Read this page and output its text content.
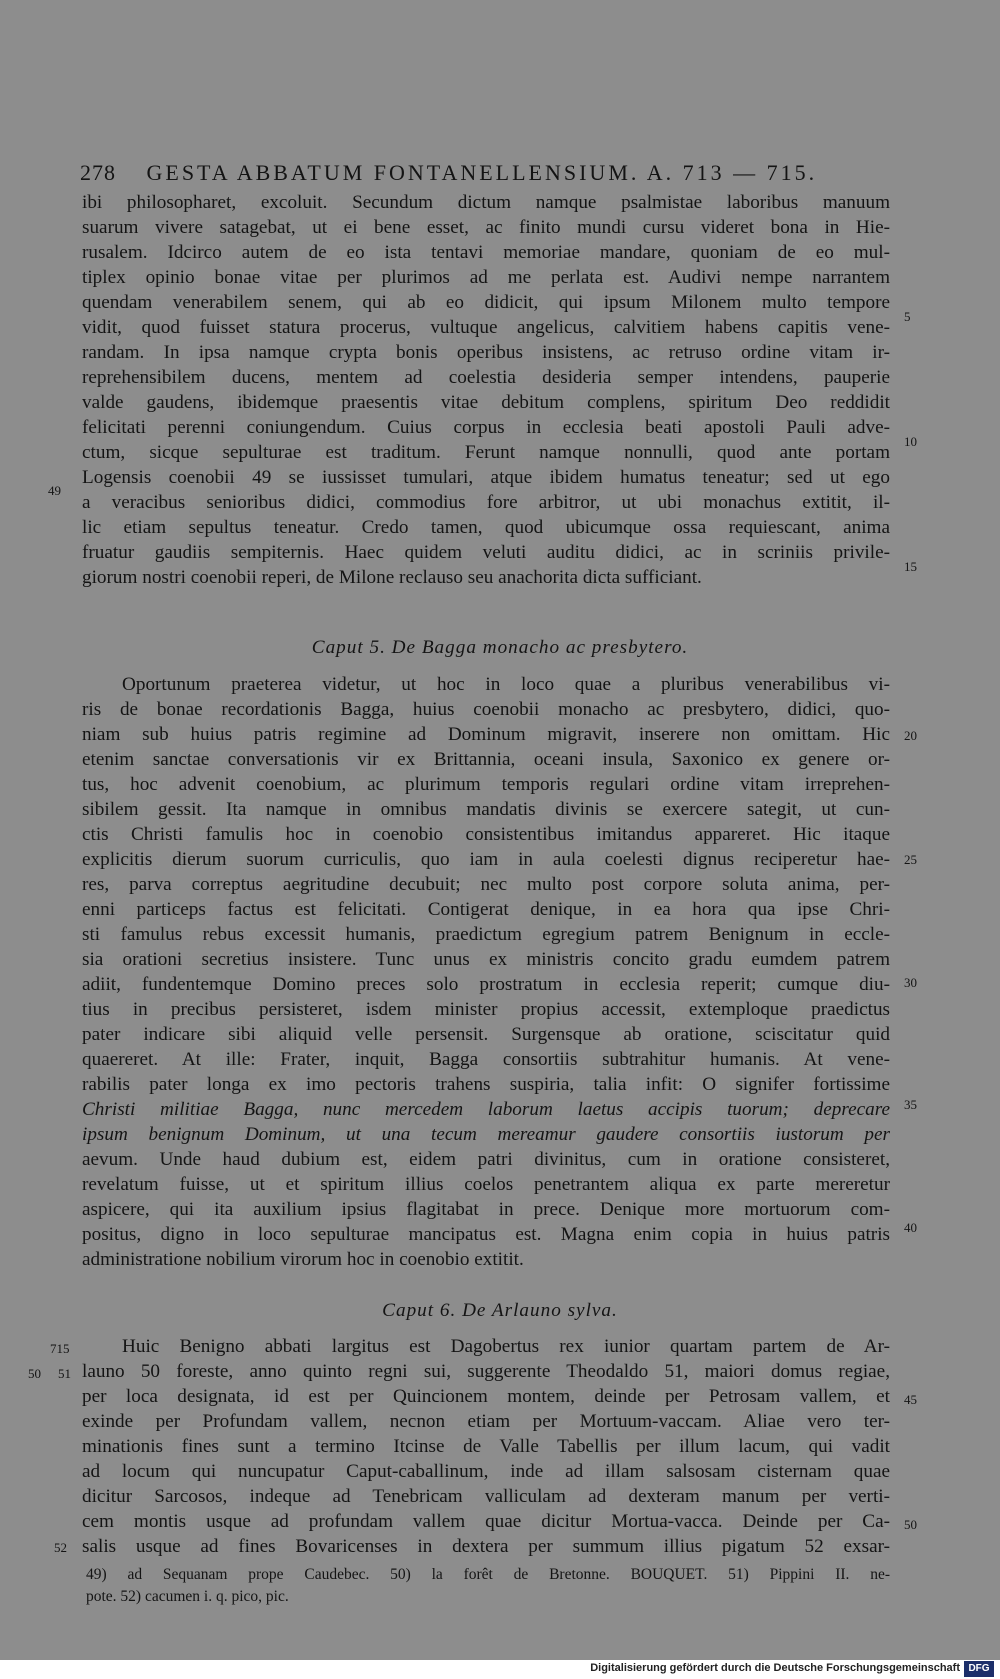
278 GESTA ABBATUM FONTANELLENSIUM. A. 713 — 715.
ibi philosopharet, excoluit. Secundum dictum namque psalmistae laboribus manuum
suarum vivere satagebat, ut ei bene esset, ac finito mundi cursu videret bona in Hie-
rusalem. Idcirco autem de eo ista tentavi memoriae mandare, quoniam de eo mul-
tiplex opinio bonae vitae per plurimos ad me perlata est. Audivi nempe narrantem
quendam venerabilem senem, qui ab eo didicit, qui ipsum Milonem multo tempore
vidit, quod fuisset statura procerus, vultuque angelicus, calvitiem habens capitis vene-
randam. In ipsa namque crypta bonis operibus insistens, ac retruso ordine vitam ir-
reprehensibilem ducens, mentem ad coelestia desideria semper intendens, pauperie
valde gaudens, ibidemque praesentis vitae debitum complens, spiritum Deo reddidit
felicitati perenni coniungendum. Cuius corpus in ecclesia beati apostoli Pauli adve-
ctum, sicque sepulturae est traditum. Ferunt namque nonnulli, quod ante portam
Logensis coenobii 49 se iussisset tumulari, atque ibidem humatus teneatur; sed ut ego
a veracibus senioribus didici, commodius fore arbitror, ut ubi monachus extitit, il-
lic etiam sepultus teneatur. Credo tamen, quod ubicumque ossa requiescant, anima
fruatur gaudiis sempiternis. Haec quidem veluti auditu didici, ac in scriniis privile-
giorum nostri coenobii reperi, de Milone reclauso seu anachorita dicta sufficiant.
Caput 5. De Bagga monacho ac presbytero.
Oportunum praeterea videtur, ut hoc in loco quae a pluribus venerabilibus vi-
ris de bonae recordationis Bagga, huius coenobii monacho ac presbytero, didici, quo-
niam sub huius patris regimine ad Dominum migravit, inserere non omittam. Hic
etenim sanctae conversationis vir ex Brittannia, oceani insula, Saxonico ex genere or-
tus, hoc advenit coenobium, ac plurimum temporis regulari ordine vitam irreprehen-
sibilem gessit. Ita namque in omnibus mandatis divinis se exercere sategit, ut cun-
ctis Christi famulis hoc in coenobio consistentibus imitandus appareret. Hic itaque
explicitis dierum suorum curriculis, quo iam in aula coelesti dignus reciperetur hae-
res, parva correptus aegritudine decubuit; nec multo post corpore soluta anima, per-
enni particeps factus est felicitati. Contigerat denique, in ea hora qua ipse Chri-
sti famulus rebus excessit humanis, praedictum egregium patrem Benignum in eccle-
sia orationi secretius insistere. Tunc unus ex ministris concito gradu eumdem patrem
adiit, fundentemque Domino preces solo prostratum in ecclesia reperit; cumque diu-
tius in precibus persisteret, isdem minister propius accessit, extemploque praedictus
pater indicare sibi aliquid velle persensit. Surgensque ab oratione, sciscitatur quid
quaereret. At ille: Frater, inquit, Bagga consortiis subtrahitur humanis. At vene-
rabilis pater longa ex imo pectoris trahens suspiria, talia infit: O signifer fortissime
Christi militiae Bagga, nunc mercedem laborum laetus accipis tuorum; deprecare
ipsum benignum Dominum, ut una tecum mereamur gaudere consortiis iustorum per
aevum. Unde haud dubium est, eidem patri divinitus, cum in oratione consisteret,
revelatum fuisse, ut et spiritum illius coelos penetrantem aliqua ex parte mereretur
aspicere, qui ita auxilium ipsius flagitabat in prece. Denique more mortuorum com-
positus, digno in loco sepulturae mancipatus est. Magna enim copia in huius patris
administratione nobilium virorum hoc in coenobio extitit.
Caput 6. De Arlauno sylva.
Huic Benigno abbati largitus est Dagobertus rex iunior quartam partem de Ar-
launo 50 foreste, anno quinto regni sui, suggerente Theodaldo 51, maiori domus regiae,
per loca designata, id est per Quincionem montem, deinde per Petrosam vallem, et
exinde per Profundam vallem, necnon etiam per Mortuum-vaccam. Aliae vero ter-
minationis fines sunt a termino Itcinse de Valle Tabellis per illum lacum, qui vadit
ad locum qui nuncupatur Caput-caballinum, inde ad illam salsosam cisternam quae
dicitur Sarcosos, indeque ad Tenebricam valliculam ad dexteram manum per verti-
cem montis usque ad profundam vallem quae dicitur Mortua-vacca. Deinde per Ca-
salis usque ad fines Bovaricenses in dextera per summum illius pigatum 52 exsar-
49) ad Sequanam prope Caudebec. 50) la forêt de Bretonne. BOUQUET. 51) Pippini II. ne-
pote. 52) cacumen i. q. pico, pic.
5
10
15
20
25
30
35
40
45
50
49
715
50 51
52
Digitalisierung gefördert durch die Deutsche Forschungsgemeinschaft DFG
